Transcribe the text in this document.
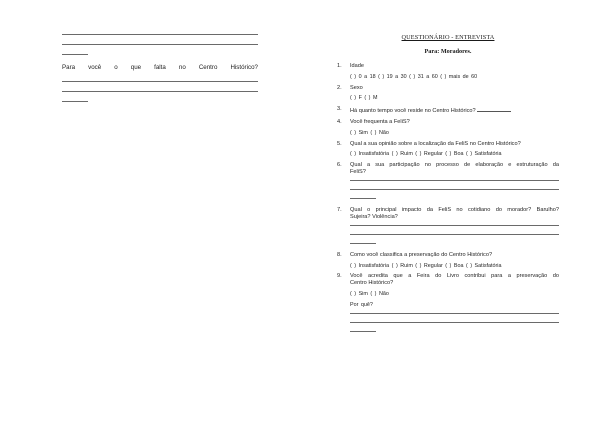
Para você o que falta no Centro Histórico?
QUESTIONÁRIO - ENTREVISTA
Para: Moradores.
1.	Idade
( ) 0 a 18 ( ) 19 a 30 ( ) 31 a 60 ( ) mais de 60
2.	Sexo
( ) F ( ) M
3.	Há quanto tempo você reside no Centro Histórico?
4.	Você frequenta a FeliS?
( ) Sim ( ) Não
5.	Qual a sua opinião sobre a localização da FeliS no Centro Histórico?
( ) Insatisfatória ( ) Ruim ( ) Regular ( ) Boa ( ) Satisfatória
6.	Qual a sua participação no processo de elaboração e estruturação da
FeliS?
7.	Qual o principal impacto da FeliS no cotidiano do morador? Barulho?
Sujeira? Violência?
8.	Como você classifica a preservação do Centro Histórico?
( ) Insatisfatória ( ) Ruim ( ) Regular ( ) Boa ( ) Satisfatória
9.	Você acredita que a Feira do Livro contribui para a preservação do
Centro Histórico?
( ) Sim ( ) Não
Por quê?
